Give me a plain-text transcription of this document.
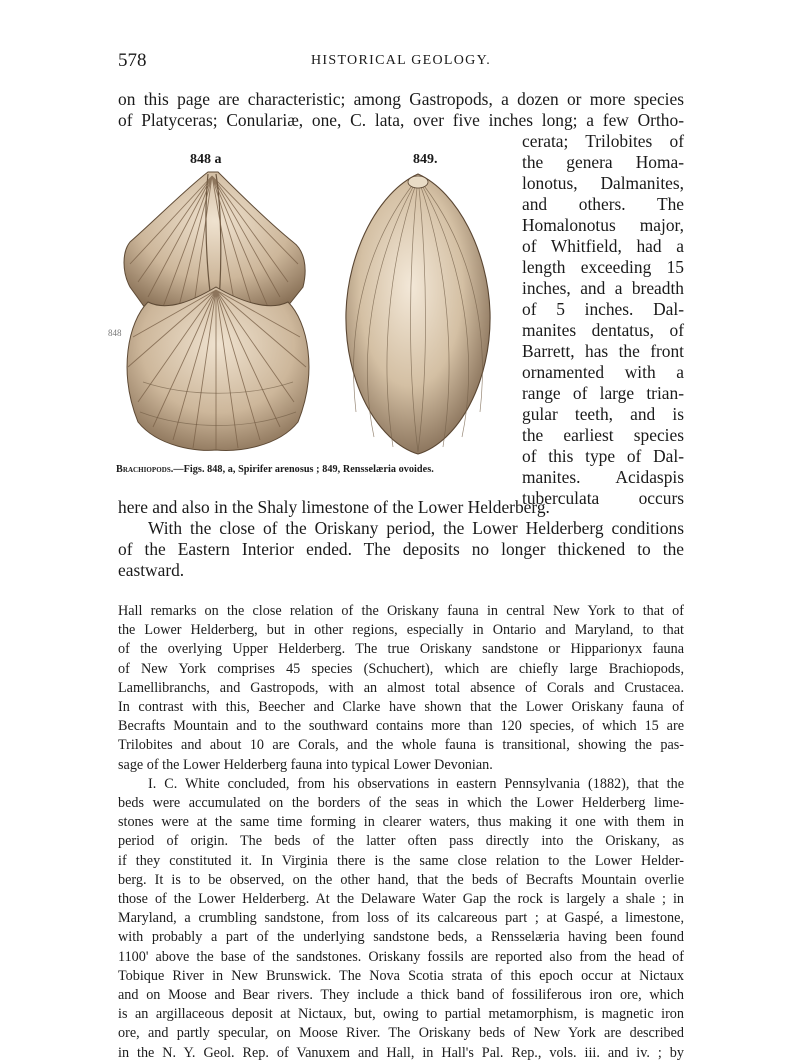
578	HISTORICAL GEOLOGY.
on this page are characteristic; among Gastropods, a dozen or more species
of Platyceras; Conulariæ, one, C. lata, over five inches long; a few Ortho-
cerata; Trilobites of
the genera Homa-
lonotus, Dalmanites,
and others. The
Homalonotus major,
of Whitfield, had a
length exceeding 15
inches, and a breadth
of 5 inches. Dal-
manites dentatus, of
Barrett, has the front
ornamented with a
range of large trian-
gular teeth, and is
the earliest species
of this type of Dal-
manites. Acidaspis
tuberculata occurs
848 a	849.
848
Brachiopods.—Figs. 848, a, Spirifer arenosus ; 849, Rensselæria ovoides.
here and also in the Shaly limestone of the Lower Helderberg.
With the close of the Oriskany period, the Lower Helderberg conditions
of the Eastern Interior ended. The deposits no longer thickened to the
eastward.
Hall remarks on the close relation of the Oriskany fauna in central New York to that of
the Lower Helderberg, but in other regions, especially in Ontario and Maryland, to that
of the overlying Upper Helderberg. The true Oriskany sandstone or Hipparionyx fauna
of New York comprises 45 species (Schuchert), which are chiefly large Brachiopods,
Lamellibranchs, and Gastropods, with an almost total absence of Corals and Crustacea.
In contrast with this, Beecher and Clarke have shown that the Lower Oriskany fauna of
Becrafts Mountain and to the southward contains more than 120 species, of which 15 are
Trilobites and about 10 are Corals, and the whole fauna is transitional, showing the pas-
sage of the Lower Helderberg fauna into typical Lower Devonian.
I. C. White concluded, from his observations in eastern Pennsylvania (1882), that the
beds were accumulated on the borders of the seas in which the Lower Helderberg lime-
stones were at the same time forming in clearer waters, thus making it one with them in
period of origin. The beds of the latter often pass directly into the Oriskany, as
if they constituted it. In Virginia there is the same close relation to the Lower Helder-
berg. It is to be observed, on the other hand, that the beds of Becrafts Mountain overlie
those of the Lower Helderberg. At the Delaware Water Gap the rock is largely a shale ; in
Maryland, a crumbling sandstone, from loss of its calcareous part ; at Gaspé, a limestone,
with probably a part of the underlying sandstone beds, a Rensselæria having been found
1100' above the base of the sandstones. Oriskany fossils are reported also from the head of
Tobique River in New Brunswick. The Nova Scotia strata of this epoch occur at Nictaux
and on Moose and Bear rivers. They include a thick band of fossiliferous iron ore, which
is an argillaceous deposit at Nictaux, but, owing to partial metamorphism, is magnetic iron
ore, and partly specular, on Moose River. The Oriskany beds of New York are described
in the N. Y. Geol. Rep. of Vanuxem and Hall, in Hall's Pal. Rep., vols. iii. and iv. ; by
